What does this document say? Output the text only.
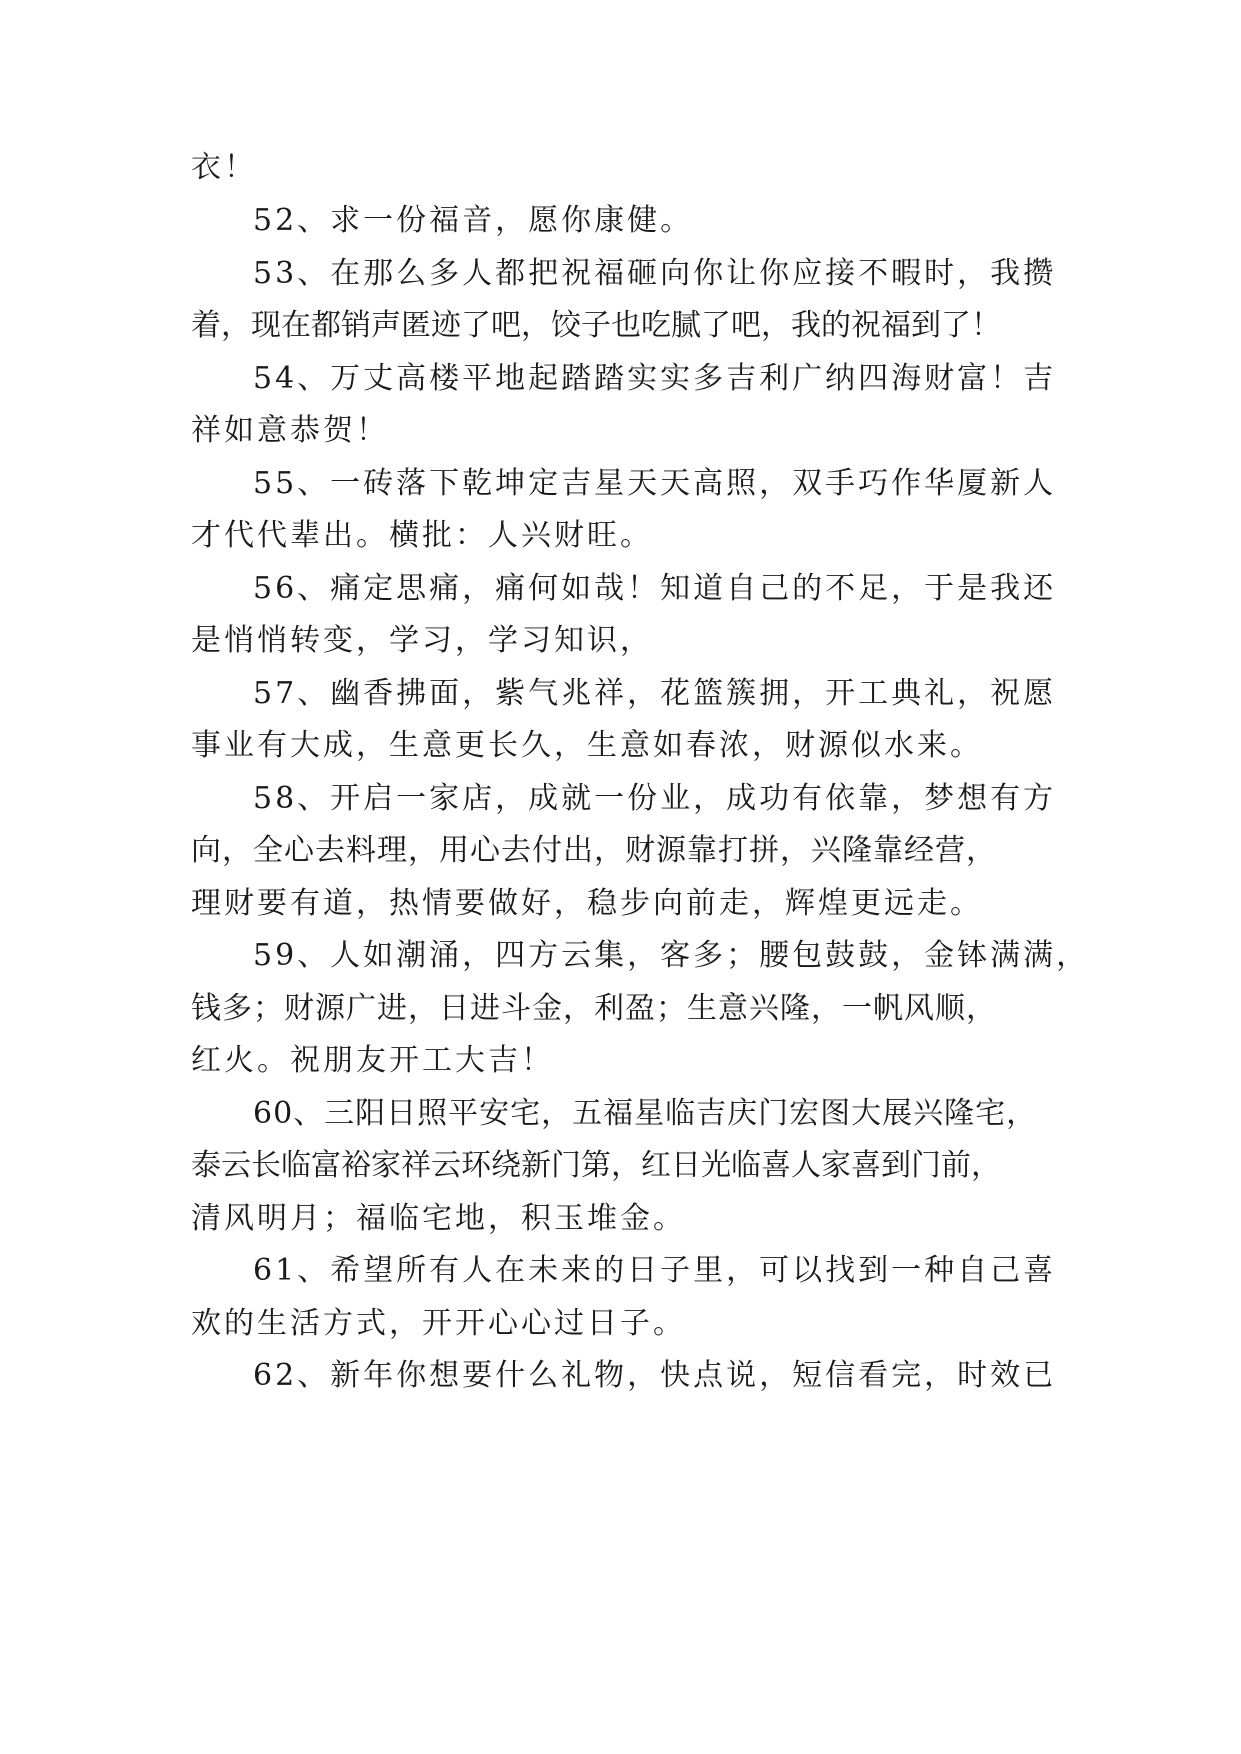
衣！
52、求一份福音，愿你康健。
53、在那么多人都把祝福砸向你让你应接不暇时，我攒
着，现在都销声匿迹了吧，饺子也吃腻了吧，我的祝福到了！
54、万丈高楼平地起踏踏实实多吉利广纳四海财富！吉
祥如意恭贺！
55、一砖落下乾坤定吉星天天高照，双手巧作华厦新人
才代代辈出。横批：人兴财旺。
56、痛定思痛，痛何如哉！知道自己的不足，于是我还
是悄悄转变，学习，学习知识，
57、幽香拂面，紫气兆祥，花篮簇拥，开工典礼，祝愿
事业有大成，生意更长久，生意如春浓，财源似水来。
58、开启一家店，成就一份业，成功有依靠，梦想有方
向，全心去料理，用心去付出，财源靠打拼，兴隆靠经营，
理财要有道，热情要做好，稳步向前走，辉煌更远走。
59、人如潮涌，四方云集，客多；腰包鼓鼓，金钵满满，
钱多；财源广进，日进斗金，利盈；生意兴隆，一帆风顺，
红火。祝朋友开工大吉！
60、三阳日照平安宅，五福星临吉庆门宏图大展兴隆宅，
泰云长临富裕家祥云环绕新门第，红日光临喜人家喜到门前，
清风明月；福临宅地，积玉堆金。
61、希望所有人在未来的日子里，可以找到一种自己喜
欢的生活方式，开开心心过日子。
62、新年你想要什么礼物，快点说，短信看完，时效已
